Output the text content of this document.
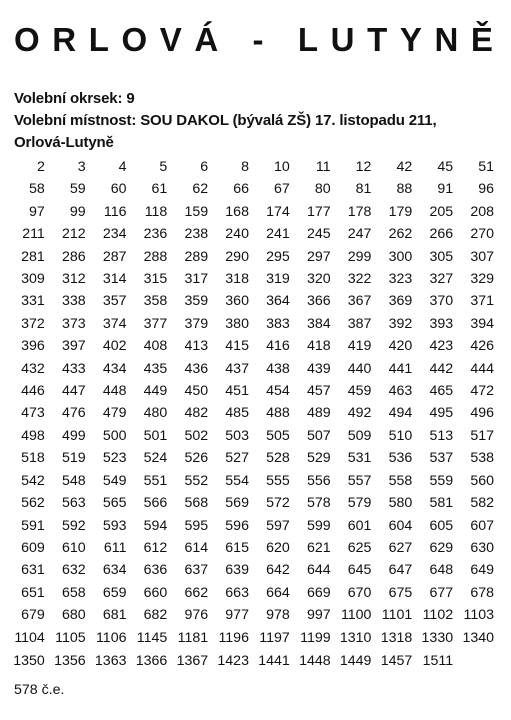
ORLOVÁ - LUTYNĚ
Volební okrsek: 9
Volební místnost: SOU DAKOL (bývalá ZŠ) 17. listopadu 211,
Orlová-Lutyně
2	3	4	5	6	8	10	11	12	42	45	51
58	59	60	61	62	66	67	80	81	88	91	96
97	99	116	118	159	168	174	177	178	179	205	208
211	212	234	236	238	240	241	245	247	262	266	270
281	286	287	288	289	290	295	297	299	300	305	307
309	312	314	315	317	318	319	320	322	323	327	329
331	338	357	358	359	360	364	366	367	369	370	371
372	373	374	377	379	380	383	384	387	392	393	394
396	397	402	408	413	415	416	418	419	420	423	426
432	433	434	435	436	437	438	439	440	441	442	444
446	447	448	449	450	451	454	457	459	463	465	472
473	476	479	480	482	485	488	489	492	494	495	496
498	499	500	501	502	503	505	507	509	510	513	517
518	519	523	524	526	527	528	529	531	536	537	538
542	548	549	551	552	554	555	556	557	558	559	560
562	563	565	566	568	569	572	578	579	580	581	582
591	592	593	594	595	596	597	599	601	604	605	607
609	610	611	612	614	615	620	621	625	627	629	630
631	632	634	636	637	639	642	644	645	647	648	649
651	658	659	660	662	663	664	669	670	675	677	678
679	680	681	682	976	977	978	997	1100	1101	1102	1103
1104	1105	1106	1145	1181	1196	1197	1199	1310	1318	1330	1340
1350	1356	1363	1366	1367	1423	1441	1448	1449	1457	1511	
578 č.e.
